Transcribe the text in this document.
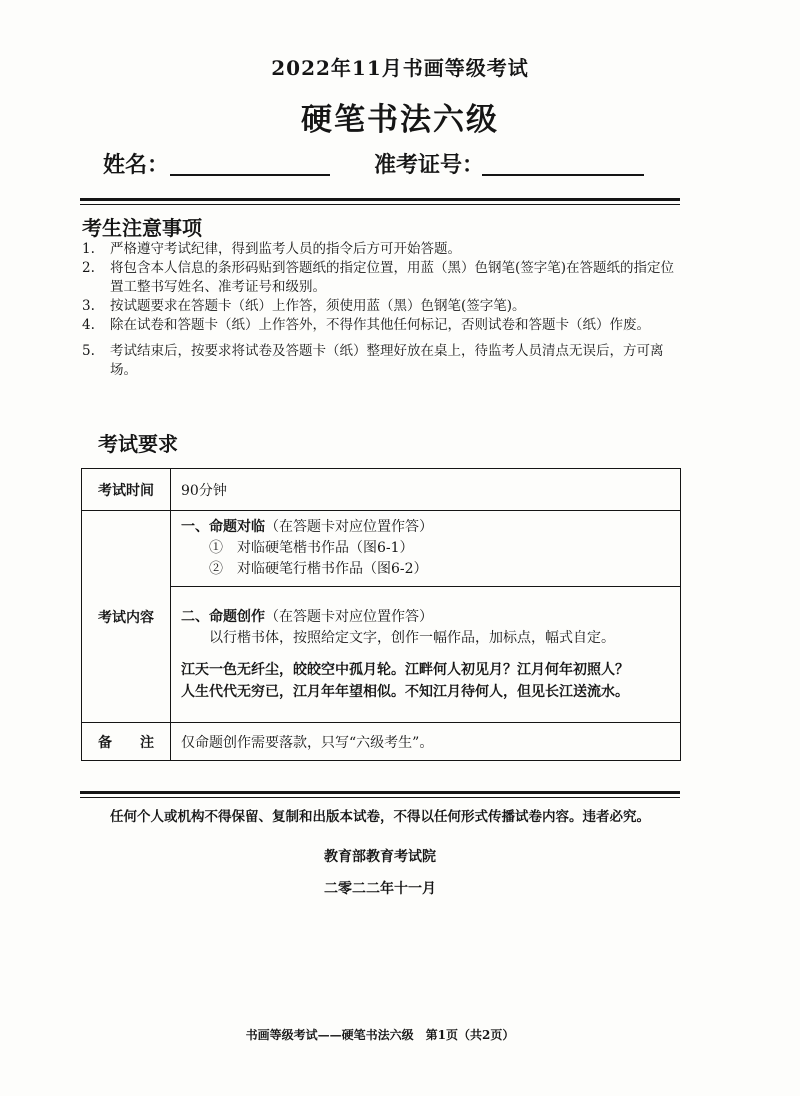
2022年11月书画等级考试
硬笔书法六级
姓名：	准考证号：
考生注意事项
1. 严格遵守考试纪律，得到监考人员的指令后方可开始答题。
2. 将包含本人信息的条形码贴到答题纸的指定位置，用蓝（黑）色钢笔(签字笔)在答题纸的指定位置工整书写姓名、准考证号和级别。
3. 按试题要求在答题卡（纸）上作答，须使用蓝（黑）色钢笔(签字笔)。
4. 除在试卷和答题卡（纸）上作答外，不得作其他任何标记，否则试卷和答题卡（纸）作废。
5. 考试结束后，按要求将试卷及答题卡（纸）整理好放在桌上，待监考人员清点无误后，方可离场。
考试要求
考试时间	90分钟
考试内容	一、命题对临（在答题卡对应位置作答）
①　对临硬笔楷书作品（图6-1）
②　对临硬笔行楷书作品（图6-2）

	二、命题创作（在答题卡对应位置作答）
以行楷书体，按照给定文字，创作一幅作品，加标点，幅式自定。
江天一色无纤尘，皎皎空中孤月轮。江畔何人初见月？江月何年初照人？
人生代代无穷已，江月年年望相似。不知江月待何人，但见长江送流水。

备　　注	仅命题创作需要落款，只写“六级考生”。
任何个人或机构不得保留、复制和出版本试卷，不得以任何形式传播试卷内容。违者必究。
教育部教育考试院
二零二二年十一月
书画等级考试——硬笔书法六级　第1页（共2页）
